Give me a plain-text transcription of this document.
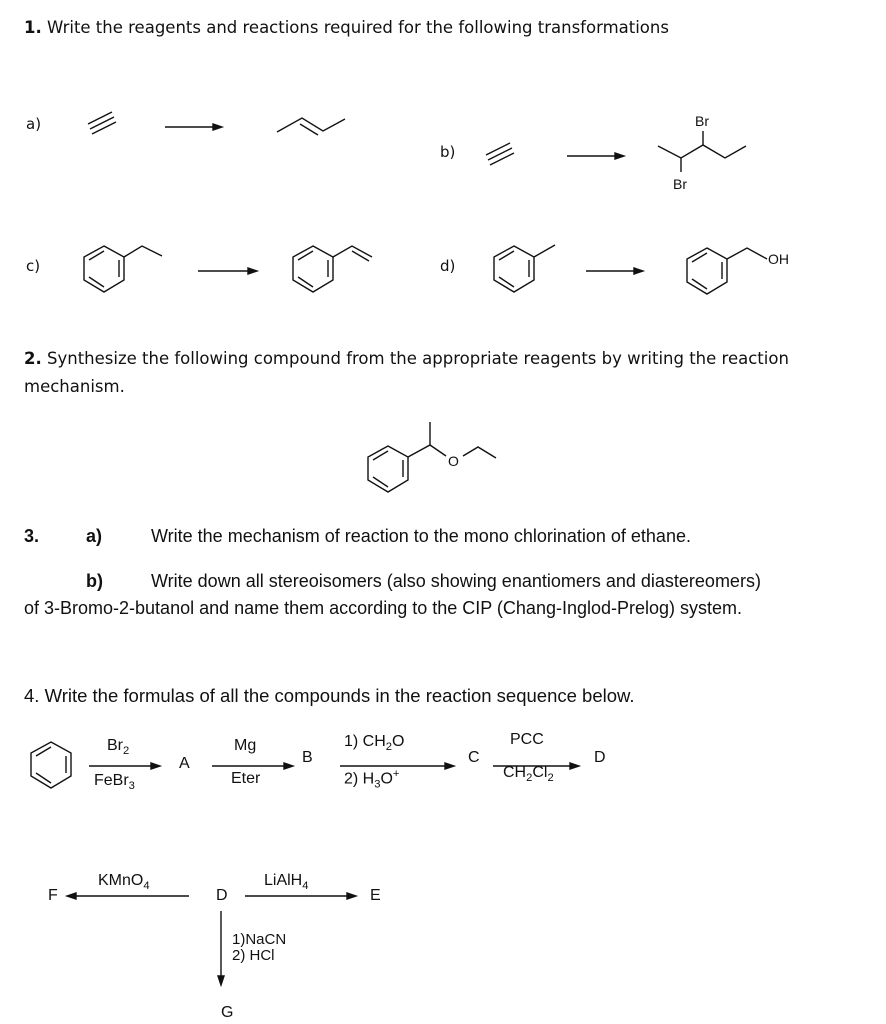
1. Write the reagents and reactions required for the following transformations
a)
b)
c)	d)
Br
Br
OH
2. Synthesize the following compound from the appropriate reagents by writing the reaction
mechanism.
O
3.	a)	Write the mechanism of reaction to the mono chlorination of ethane.
b)	Write down all stereoisomers (also showing enantiomers and diastereomers)
of 3-Bromo-2-butanol and name them according to the CIP (Chang-Inglod-Prelog) system.
4. Write the formulas of all the compounds in the reaction sequence below.
$Br_2$
FeBr$_3$
A
Mg
Eter
B
1) $CH_2O$
2) $H_3O^+$
C
PCC
$CH_2Cl_2$
D
F
KMnO$_4$
D
LiAlH$_4$
E
1)NaCN
2) HCl
G
